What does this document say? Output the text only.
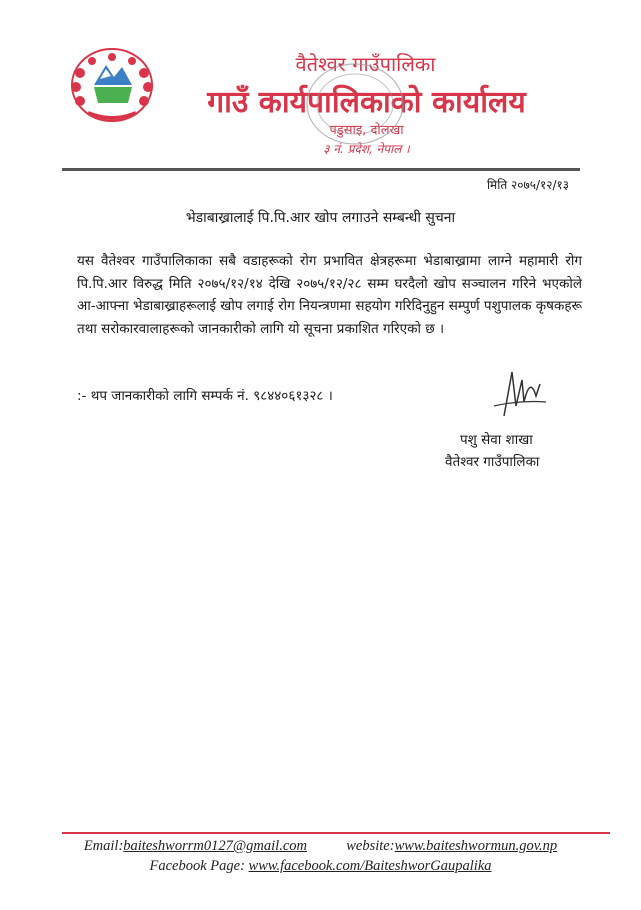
वैतेश्वर गाउँपालिका
गाउँ कार्यपालिकाको कार्यालय
पडुसाइ, दोलखा
३ नं. प्रदेश, नेपाल ।
मिति २०७५/१२/१३
भेडाबाख्रालाई पि.पि.आर खोप लगाउने सम्बन्धी सुचना
यस वैतेश्वर गाउँपालिकाका सबै वडाहरूको रोग प्रभावित क्षेत्रहरूमा भेडाबाख्रामा लाग्ने महामारी रोग पि.पि.आर विरुद्ध मिति २०७५/१२/१४ देखि २०७५/१२/२८ सम्म घरदैलो खोप सञ्चालन गरिने भएकोले आ-आफ्ना भेडाबाख्राहरूलाई खोप लगाई रोग नियन्त्रणमा सहयोग गरिदिनुहुन सम्पुर्ण पशुपालक कृषकहरू तथा सरोकारवालाहरूको जानकारीको लागि यो सूचना प्रकाशित गरिएको छ ।
:- थप जानकारीको लागि सम्पर्क नं. ९८४४०६१३२८ ।
पशु सेवा शाखा
वैतेश्वर गाउँपालिका
Email:baiteshworrm0127@gmail.com	website:www.baiteshwormun.gov.np
Facebook Page: www.facebook.com/BaiteshworGaupalika
